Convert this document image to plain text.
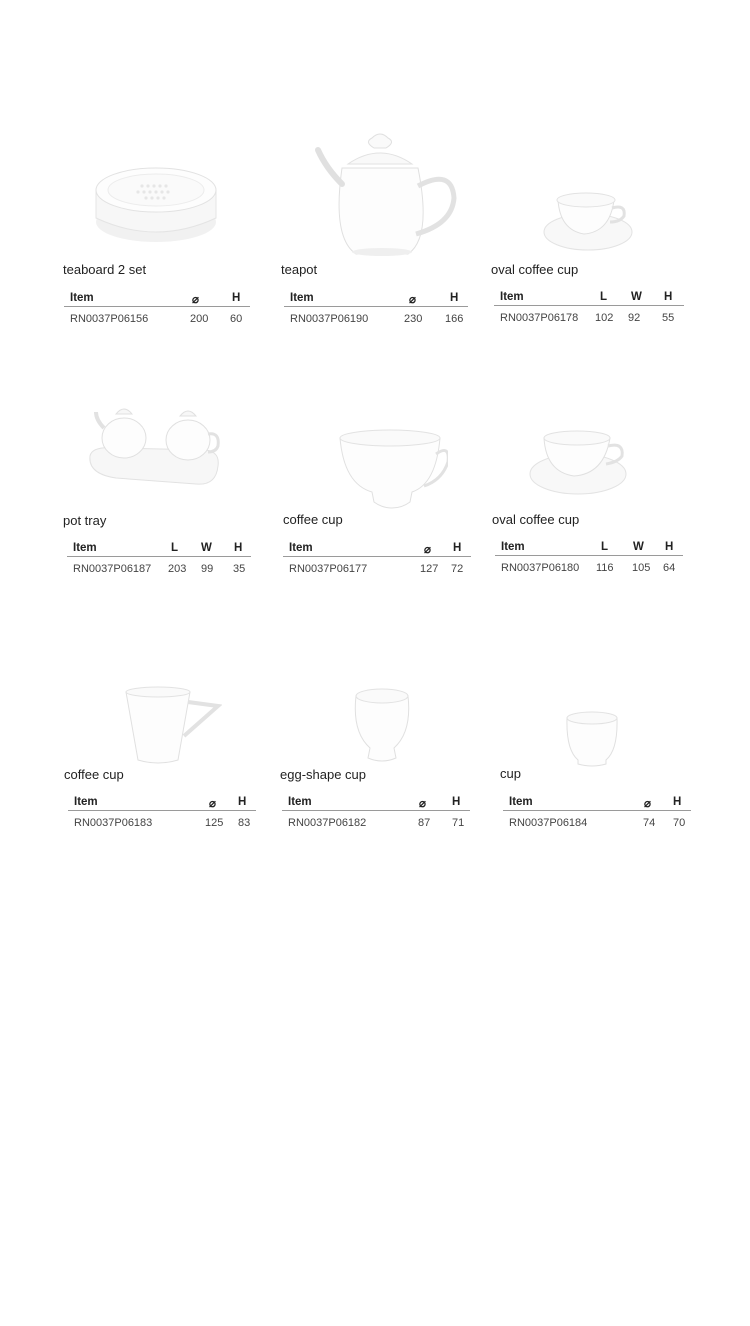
teaboard 2 set
Item	⌀	H
RN0037P06156	200 60
teapot
Item	⌀	H
RN0037P06190	230 166
oval coffee cup
Item	L W H
RN0037P06178 102 92 55
pot tray
Item	L W H
RN0037P06187 203 99 35
coffee cup
Item	⌀ H
RN0037P06177	127 72
oval coffee cup
Item	L W H
RN0037P06180 116 105 64
coffee cup
Item	⌀ H
RN0037P06183	125 83
egg-shape cup
Item	⌀ H
RN0037P06182	87 71
cup
Item	⌀ H
RN0037P06184	74 70
